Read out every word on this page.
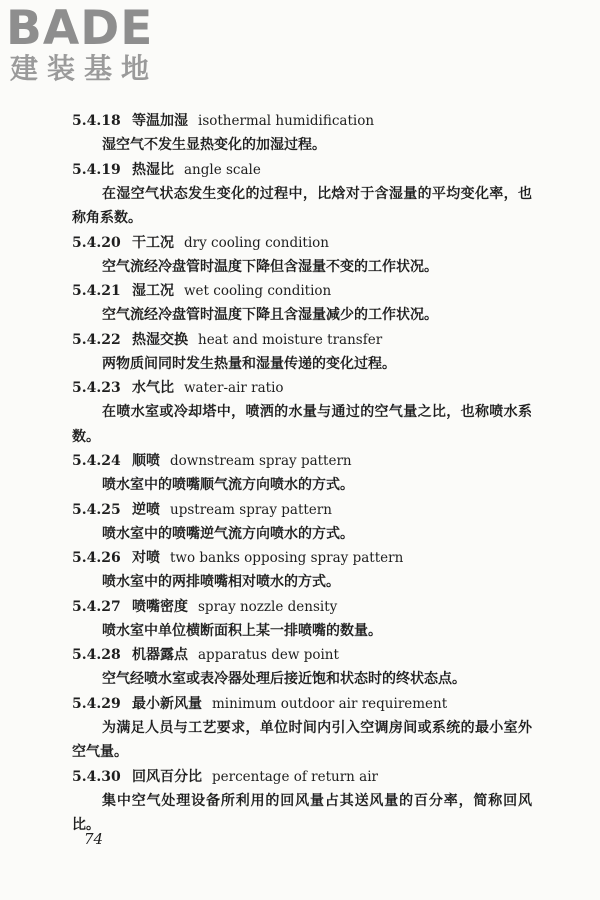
BADE
建装基地
5.4.18 等温加湿 isothermal humidification

湿空气不发生显热变化的加湿过程。

5.4.19 热湿比 angle scale

在湿空气状态发生变化的过程中，比焓对于含湿量的平均变化率，也称角系数。

5.4.20 干工况 dry cooling condition

空气流经冷盘管时温度下降但含湿量不变的工作状况。

5.4.21 湿工况 wet cooling condition

空气流经冷盘管时温度下降且含湿量减少的工作状况。

5.4.22 热湿交换 heat and moisture transfer

两物质间同时发生热量和湿量传递的变化过程。

5.4.23 水气比 water-air ratio

在喷水室或冷却塔中，喷洒的水量与通过的空气量之比，也称喷水系数。

5.4.24 顺喷 downstream spray pattern

喷水室中的喷嘴顺气流方向喷水的方式。

5.4.25 逆喷 upstream spray pattern

喷水室中的喷嘴逆气流方向喷水的方式。

5.4.26 对喷 two banks opposing spray pattern

喷水室中的两排喷嘴相对喷水的方式。

5.4.27 喷嘴密度 spray nozzle density

喷水室中单位横断面积上某一排喷嘴的数量。

5.4.28 机器露点 apparatus dew point

空气经喷水室或表冷器处理后接近饱和状态时的终状态点。

5.4.29 最小新风量 minimum outdoor air requirement

为满足人员与工艺要求，单位时间内引入空调房间或系统的最小室外空气量。

5.4.30 回风百分比 percentage of return air

集中空气处理设备所利用的回风量占其送风量的百分率，简称回风比。

74
